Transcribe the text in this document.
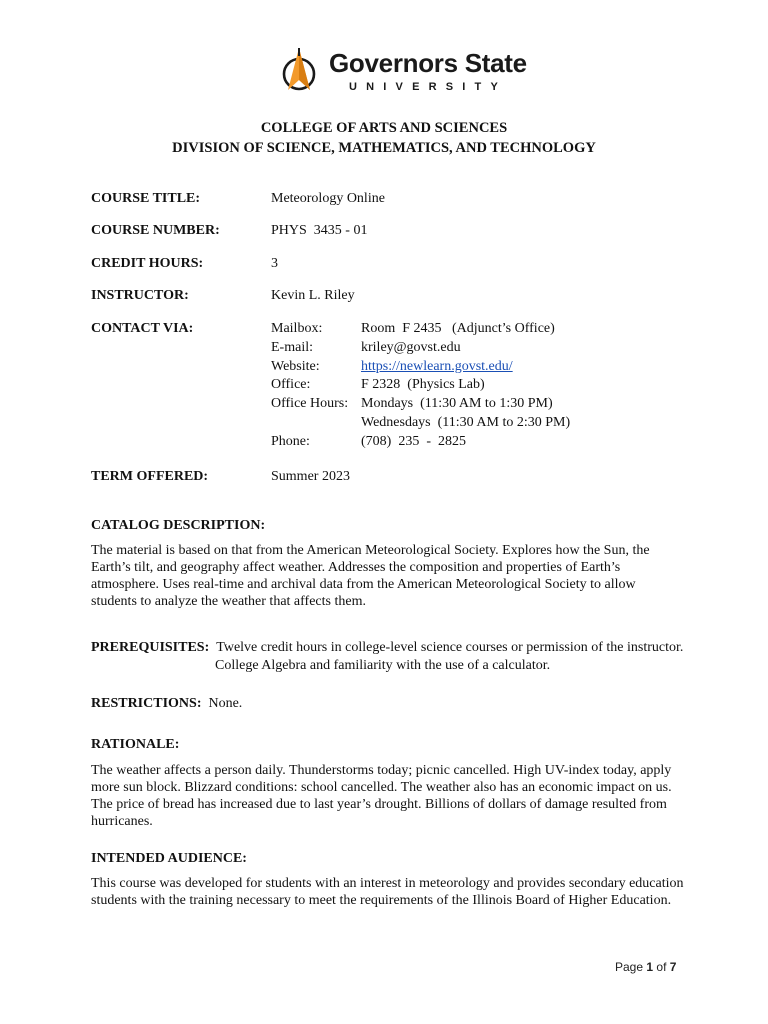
Governors State
UNIVERSITY
COLLEGE OF ARTS AND SCIENCES
DIVISION OF SCIENCE, MATHEMATICS, AND TECHNOLOGY
COURSE TITLE:	Meteorology Online
COURSE NUMBER:	PHYS  3435 - 01
CREDIT HOURS:	3
INSTRUCTOR:	Kevin L. Riley
CONTACT VIA:	Mailbox:	Room  F 2435   (Adjunct’s Office)
E-mail:	kriley@govst.edu
Website:	https://newlearn.govst.edu/
Office:	F 2328  (Physics Lab)
Office Hours: Mondays  (11:30 AM to 1:30 PM)
Wednesdays  (11:30 AM to 2:30 PM)
Phone:	(708)  235  -  2825
TERM OFFERED:	Summer 2023
CATALOG DESCRIPTION:
The material is based on that from the American Meteorological Society. Explores how the Sun, the
Earth’s tilt, and geography affect weather. Addresses the composition and properties of Earth’s
atmosphere. Uses real-time and archival data from the American Meteorological Society to allow
students to analyze the weather that affects them.
PREREQUISITES: Twelve credit hours in college-level science courses or permission of the instructor.
College Algebra and familiarity with the use of a calculator.
RESTRICTIONS: None.
RATIONALE:
The weather affects a person daily. Thunderstorms today; picnic cancelled. High UV-index today, apply
more sun block. Blizzard conditions: school cancelled. The weather also has an economic impact on us.
The price of bread has increased due to last year’s drought. Billions of dollars of damage resulted from
hurricanes.
INTENDED AUDIENCE:
This course was developed for students with an interest in meteorology and provides secondary education
students with the training necessary to meet the requirements of the Illinois Board of Higher Education.
Page 1 of 7
